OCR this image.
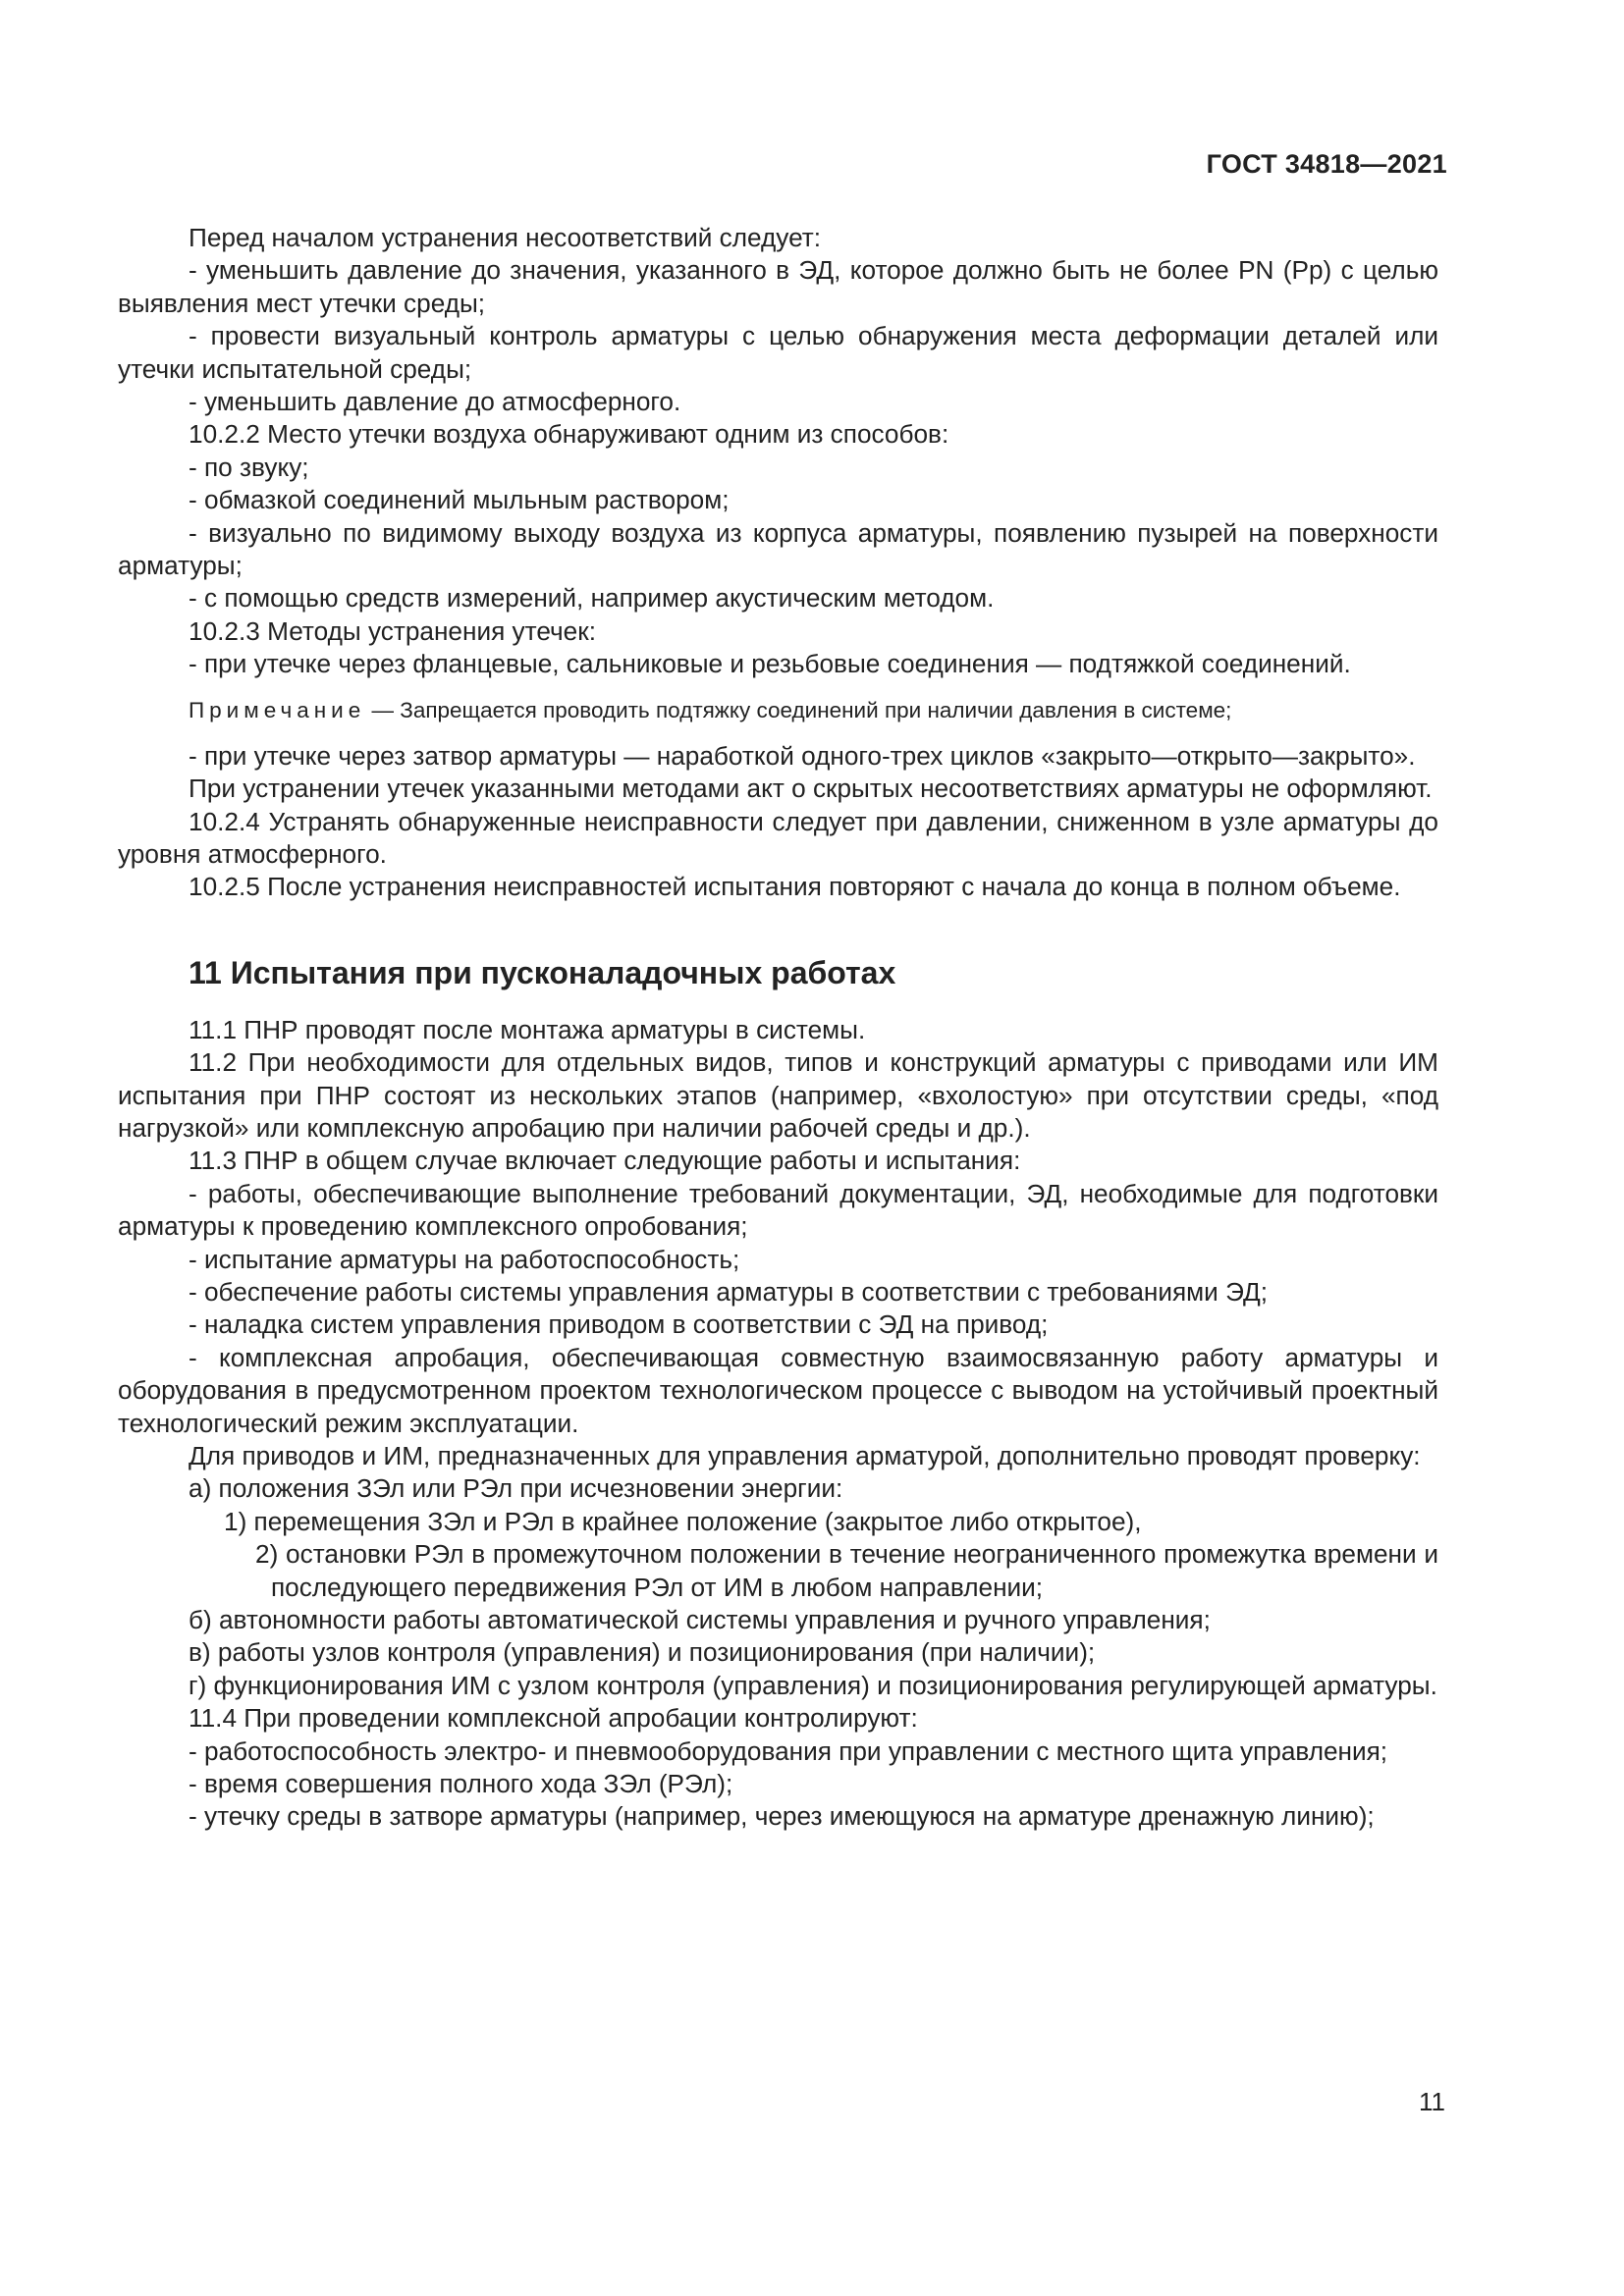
ГОСТ 34818—2021

Перед началом устранения несоответствий следует:

- уменьшить давление до значения, указанного в ЭД, которое должно быть не более PN (Pр) с целью выявления мест утечки среды;

- провести визуальный контроль арматуры с целью обнаружения места деформации деталей или утечки испытательной среды;

- уменьшить давление до атмосферного.

10.2.2 Место утечки воздуха обнаруживают одним из способов:

- по звуку;

- обмазкой соединений мыльным раствором;

- визуально по видимому выходу воздуха из корпуса арматуры, появлению пузырей на поверхности арматуры;

- с помощью средств измерений, например акустическим методом.

10.2.3 Методы устранения утечек:

- при утечке через фланцевые, сальниковые и резьбовые соединения — подтяжкой соединений.

Примечание — Запрещается проводить подтяжку соединений при наличии давления в системе;

- при утечке через затвор арматуры — наработкой одного-трех циклов «закрыто—открыто—закрыто».

При устранении утечек указанными методами акт о скрытых несоответствиях арматуры не оформляют.

10.2.4 Устранять обнаруженные неисправности следует при давлении, сниженном в узле арматуры до уровня атмосферного.

10.2.5 После устранения неисправностей испытания повторяют с начала до конца в полном объеме.

11 Испытания при пусконаладочных работах

11.1 ПНР проводят после монтажа арматуры в системы.

11.2 При необходимости для отдельных видов, типов и конструкций арматуры с приводами или ИМ испытания при ПНР состоят из нескольких этапов (например, «вхолостую» при отсутствии среды, «под нагрузкой» или комплексную апробацию при наличии рабочей среды и др.).

11.3 ПНР в общем случае включает следующие работы и испытания:

- работы, обеспечивающие выполнение требований документации, ЭД, необходимые для подготовки арматуры к проведению комплексного опробования;

- испытание арматуры на работоспособность;

- обеспечение работы системы управления арматуры в соответствии с требованиями ЭД;

- наладка систем управления приводом в соответствии с ЭД на привод;

- комплексная апробация, обеспечивающая совместную взаимосвязанную работу арматуры и оборудования в предусмотренном проектом технологическом процессе с выводом на устойчивый проектный технологический режим эксплуатации.

Для приводов и ИМ, предназначенных для управления арматурой, дополнительно проводят проверку:

а) положения ЗЭл или РЭл при исчезновении энергии:

1) перемещения ЗЭл и РЭл в крайнее положение (закрытое либо открытое),

2) остановки РЭл в промежуточном положении в течение неограниченного промежутка времени и последующего передвижения РЭл от ИМ в любом направлении;

б) автономности работы автоматической системы управления и ручного управления;

в) работы узлов контроля (управления) и позиционирования (при наличии);

г) функционирования ИМ с узлом контроля (управления) и позиционирования регулирующей арматуры.

11.4 При проведении комплексной апробации контролируют:

- работоспособность электро- и пневмооборудования при управлении с местного щита управления;

- время совершения полного хода ЗЭл (РЭл);

- утечку среды в затворе арматуры (например, через имеющуюся на арматуре дренажную линию);

11
